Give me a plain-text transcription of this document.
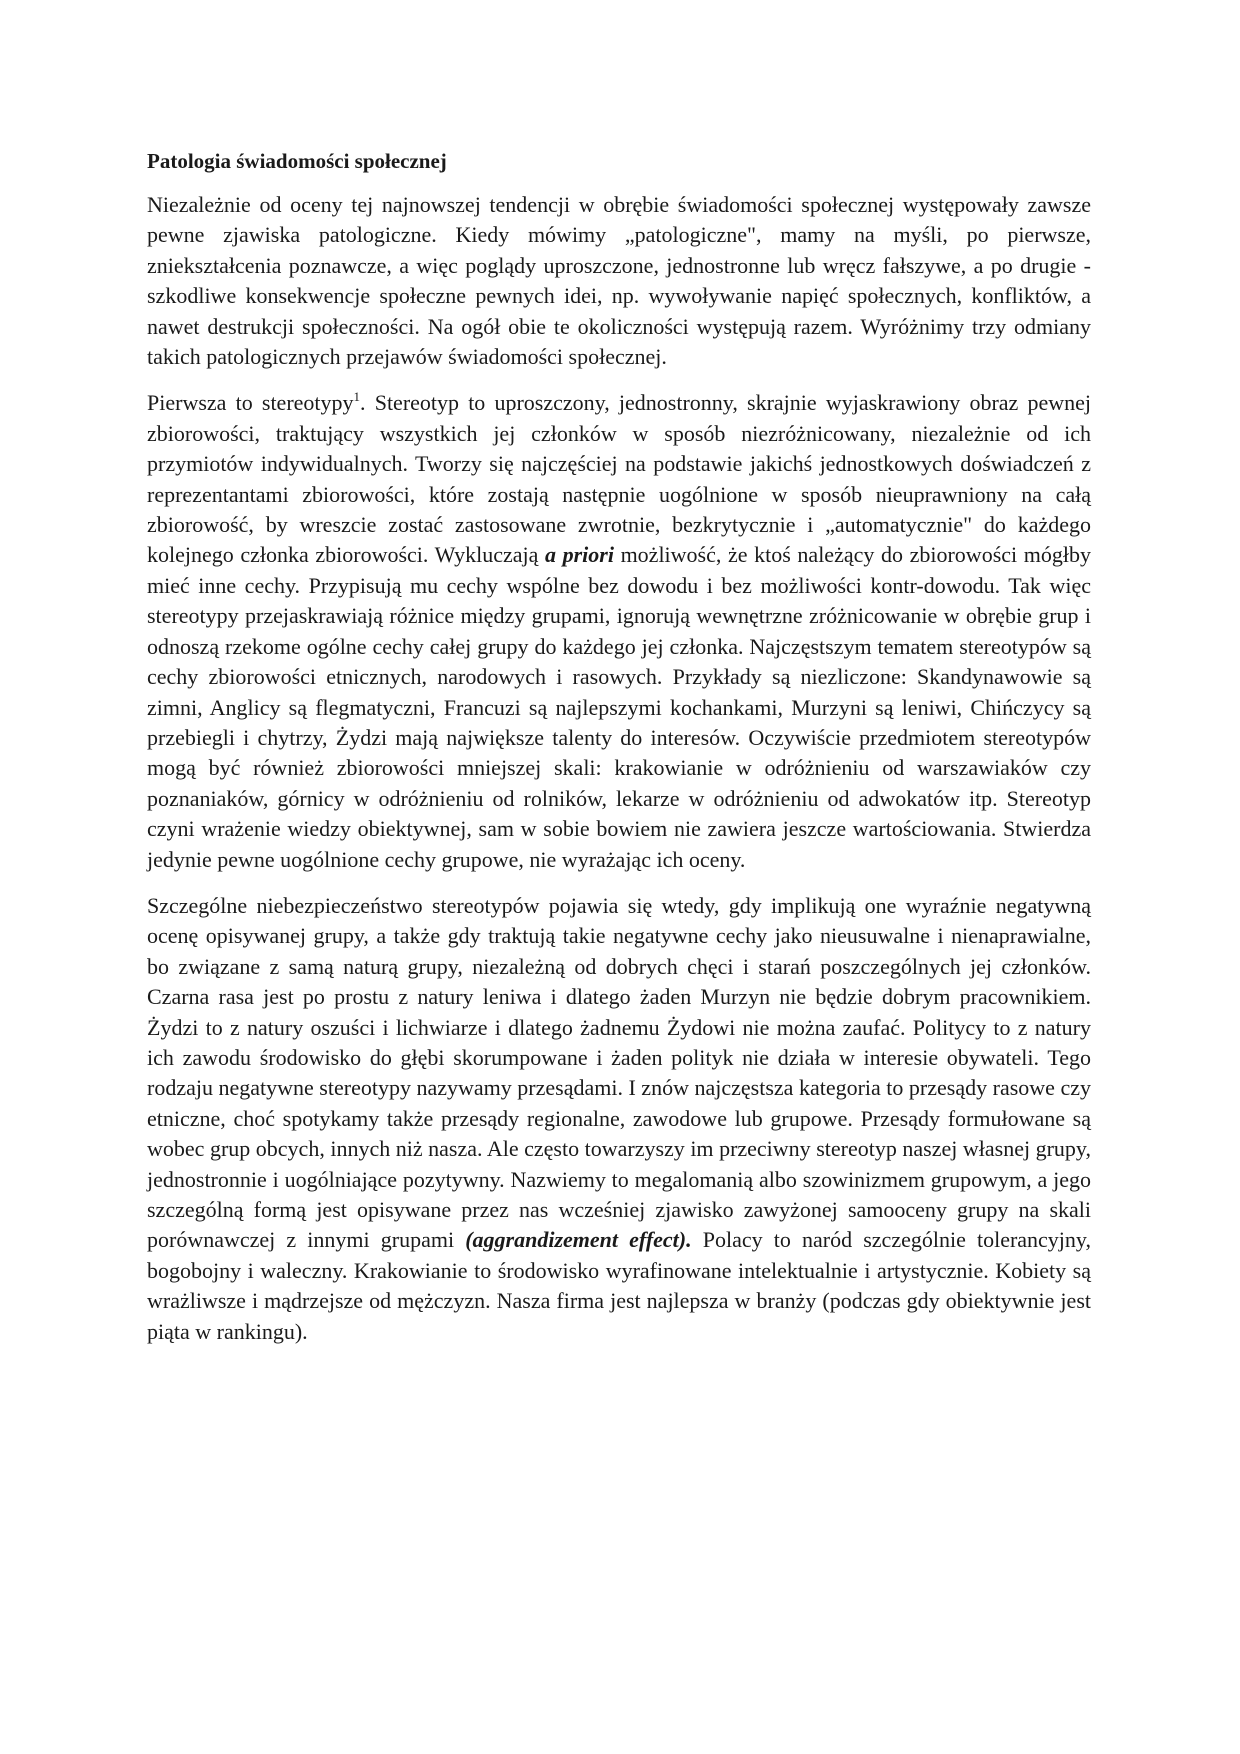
Patologia świadomości społecznej

Niezależnie od oceny tej najnowszej tendencji w obrębie świadomości społecznej występowały zawsze pewne zjawiska patologiczne. Kiedy mówimy „patologiczne", mamy na myśli, po pierwsze, zniekształcenia poznawcze, a więc poglądy uproszczone, jednostronne lub wręcz fałszywe, a po drugie - szkodliwe konsekwencje społeczne pewnych idei, np. wywoływanie napięć społecznych, konfliktów, a nawet destrukcji społeczności. Na ogół obie te okoliczności występują razem. Wyróżnimy trzy odmiany takich patologicznych przejawów świadomości społecznej.

Pierwsza to stereotypy$^1$. Stereotyp to uproszczony, jednostronny, skrajnie wyjaskrawiony obraz pewnej zbiorowości, traktujący wszystkich jej członków w sposób niezróżnicowany, niezależnie od ich przymiotów indywidualnych. Tworzy się najczęściej na podstawie jakichś jednostkowych doświadczeń z reprezentantami zbiorowości, które zostają następnie uogólnione w sposób nieuprawniony na całą zbiorowość, by wreszcie zostać zastosowane zwrotnie, bezkrytycznie i „automatycznie" do każdego kolejnego członka zbiorowości. Wykluczają a priori możliwość, że ktoś należący do zbiorowości mógłby mieć inne cechy. Przypisują mu cechy wspólne bez dowodu i bez możliwości kontr-dowodu. Tak więc stereotypy przejaskrawiają różnice między grupami, ignorują wewnętrzne zróżnicowanie w obrębie grup i odnoszą rzekome ogólne cechy całej grupy do każdego jej członka. Najczęstszym tematem stereotypów są cechy zbiorowości etnicznych, narodowych i rasowych. Przykłady są niezliczone: Skandynawowie są zimni, Anglicy są flegmatyczni, Francuzi są najlepszymi kochankami, Murzyni są leniwi, Chińczycy są przebiegli i chytrzy, Żydzi mają największe talenty do interesów. Oczywiście przedmiotem stereotypów mogą być również zbiorowości mniejszej skali: krakowianie w odróżnieniu od warszawiaków czy poznaniaków, górnicy w odróżnieniu od rolników, lekarze w odróżnieniu od adwokatów itp. Stereotyp czyni wrażenie wiedzy obiektywnej, sam w sobie bowiem nie zawiera jeszcze wartościowania. Stwierdza jedynie pewne uogólnione cechy grupowe, nie wyrażając ich oceny.

Szczególne niebezpieczeństwo stereotypów pojawia się wtedy, gdy implikują one wyraźnie negatywną ocenę opisywanej grupy, a także gdy traktują takie negatywne cechy jako nieusuwalne i nienaprawialne, bo związane z samą naturą grupy, niezależną od dobrych chęci i starań poszczególnych jej członków. Czarna rasa jest po prostu z natury leniwa i dlatego żaden Murzyn nie będzie dobrym pracownikiem. Żydzi to z natury oszuści i lichwiarze i dlatego żadnemu Żydowi nie można zaufać. Politycy to z natury ich zawodu środowisko do głębi skorumpowane i żaden polityk nie działa w interesie obywateli. Tego rodzaju negatywne stereotypy nazywamy przesądami. I znów najczęstsza kategoria to przesądy rasowe czy etniczne, choć spotykamy także przesądy regionalne, zawodowe lub grupowe. Przesądy formułowane są wobec grup obcych, innych niż nasza. Ale często towarzyszy im przeciwny stereotyp naszej własnej grupy, jednostronnie i uogólniające pozytywny. Nazwiemy to megalomanią albo szowinizmem grupowym, a jego szczególną formą jest opisywane przez nas wcześniej zjawisko zawyżonej samooceny grupy na skali porównawczej z innymi grupami (aggrandizement effect). Polacy to naród szczególnie tolerancyjny, bogobojny i waleczny. Krakowianie to środowisko wyrafinowane intelektualnie i artystycznie. Kobiety są wrażliwsze i mądrzejsze od mężczyzn. Nasza firma jest najlepsza w branży (podczas gdy obiektywnie jest piąta w rankingu).
